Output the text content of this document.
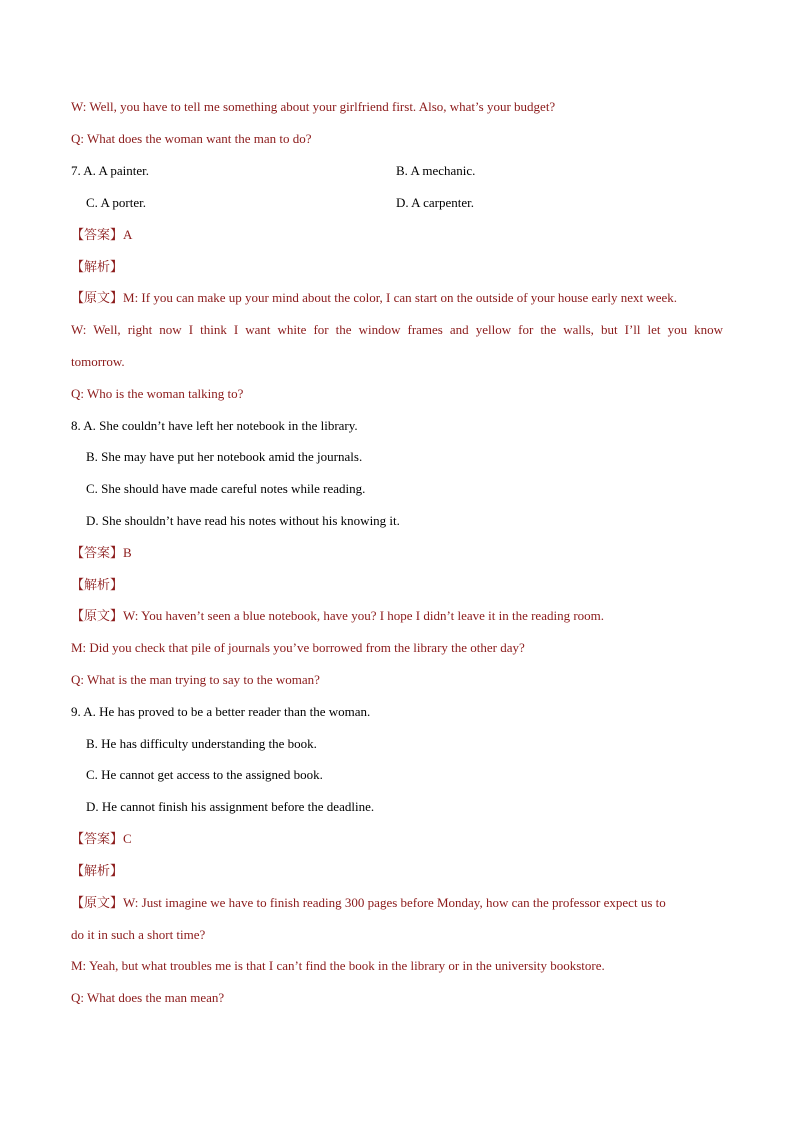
W: Well, you have to tell me something about your girlfriend first. Also, what’s your budget?
Q: What does the woman want the man to do?
7. A. A painter.	B. A mechanic.
C. A porter.	D. A carpenter.
【答案】A
【解析】
【原文】M: If you can make up your mind about the color, I can start on the outside of your house early next week.
W: Well, right now I think I want white for the window frames and yellow for the walls, but I’ll let you know
tomorrow.
Q: Who is the woman talking to?
8. A. She couldn’t have left her notebook in the library.
B. She may have put her notebook amid the journals.
C. She should have made careful notes while reading.
D. She shouldn’t have read his notes without his knowing it.
【答案】B
【解析】
【原文】W: You haven’t seen a blue notebook, have you? I hope I didn’t leave it in the reading room.
M: Did you check that pile of journals you’ve borrowed from the library the other day?
Q: What is the man trying to say to the woman?
9. A. He has proved to be a better reader than the woman.
B. He has difficulty understanding the book.
C. He cannot get access to the assigned book.
D. He cannot finish his assignment before the deadline.
【答案】C
【解析】
【原文】W: Just imagine we have to finish reading 300 pages before Monday, how can the professor expect us to
do it in such a short time?
M: Yeah, but what troubles me is that I can’t find the book in the library or in the university bookstore.
Q: What does the man mean?
